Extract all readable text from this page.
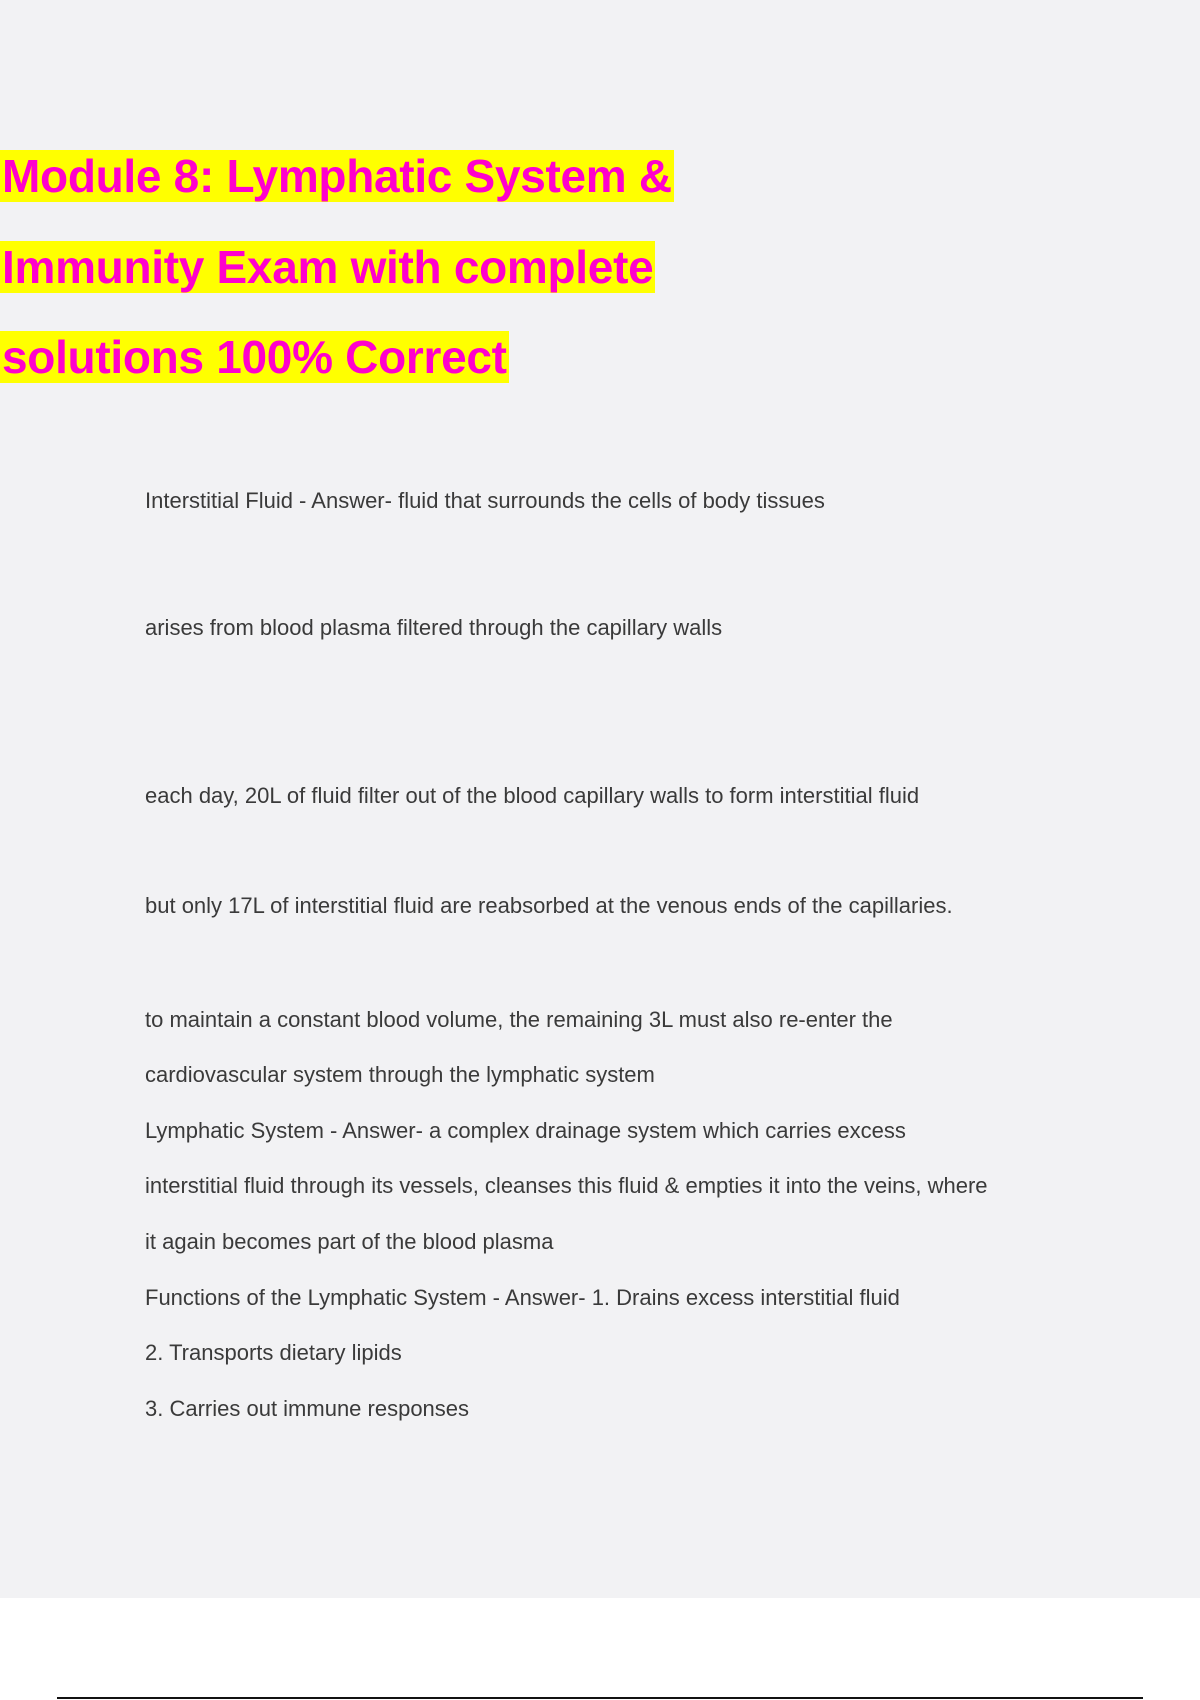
Module 8: Lymphatic System &
Immunity Exam with complete
solutions 100% Correct
Interstitial Fluid - Answer- fluid that surrounds the cells of body tissues
arises from blood plasma filtered through the capillary walls
each day, 20L of fluid filter out of the blood capillary walls to form interstitial fluid
but only 17L of interstitial fluid are reabsorbed at the venous ends of the capillaries.
to maintain a constant blood volume, the remaining 3L must also re-enter the
cardiovascular system through the lymphatic system
Lymphatic System - Answer- a complex drainage system which carries excess
interstitial fluid through its vessels, cleanses this fluid & empties it into the veins, where
it again becomes part of the blood plasma
Functions of the Lymphatic System - Answer- 1. Drains excess interstitial fluid
2. Transports dietary lipids
3. Carries out immune responses
